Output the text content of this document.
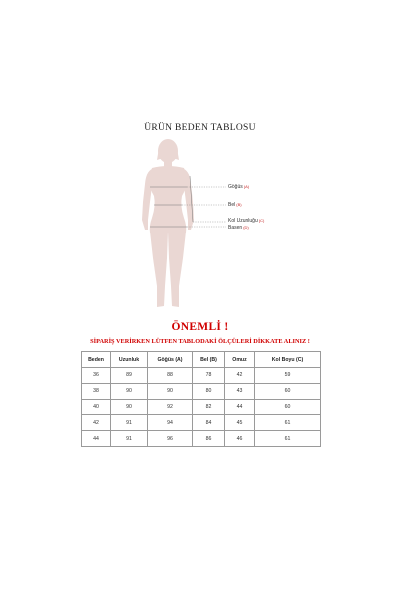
ÜRÜN BEDEN TABLOSU
Göğüs(A)
Bel(B)
Kol Uzunluğu(C)
Basen(D)
ÖNEMLİ !
SİPARİŞ VERİRKEN LÜTFEN TABLODAKİ ÖLÇÜLERİ DİKKATE ALINIZ !
Beden	Uzunluk	Göğüs (A)	Bel (B)	Omuz	Kol Boyu (C)
36	89	88	78	42	59
38	90	90	80	43	60
40	90	92	82	44	60
42	91	94	84	45	61
44	91	96	86	46	61
